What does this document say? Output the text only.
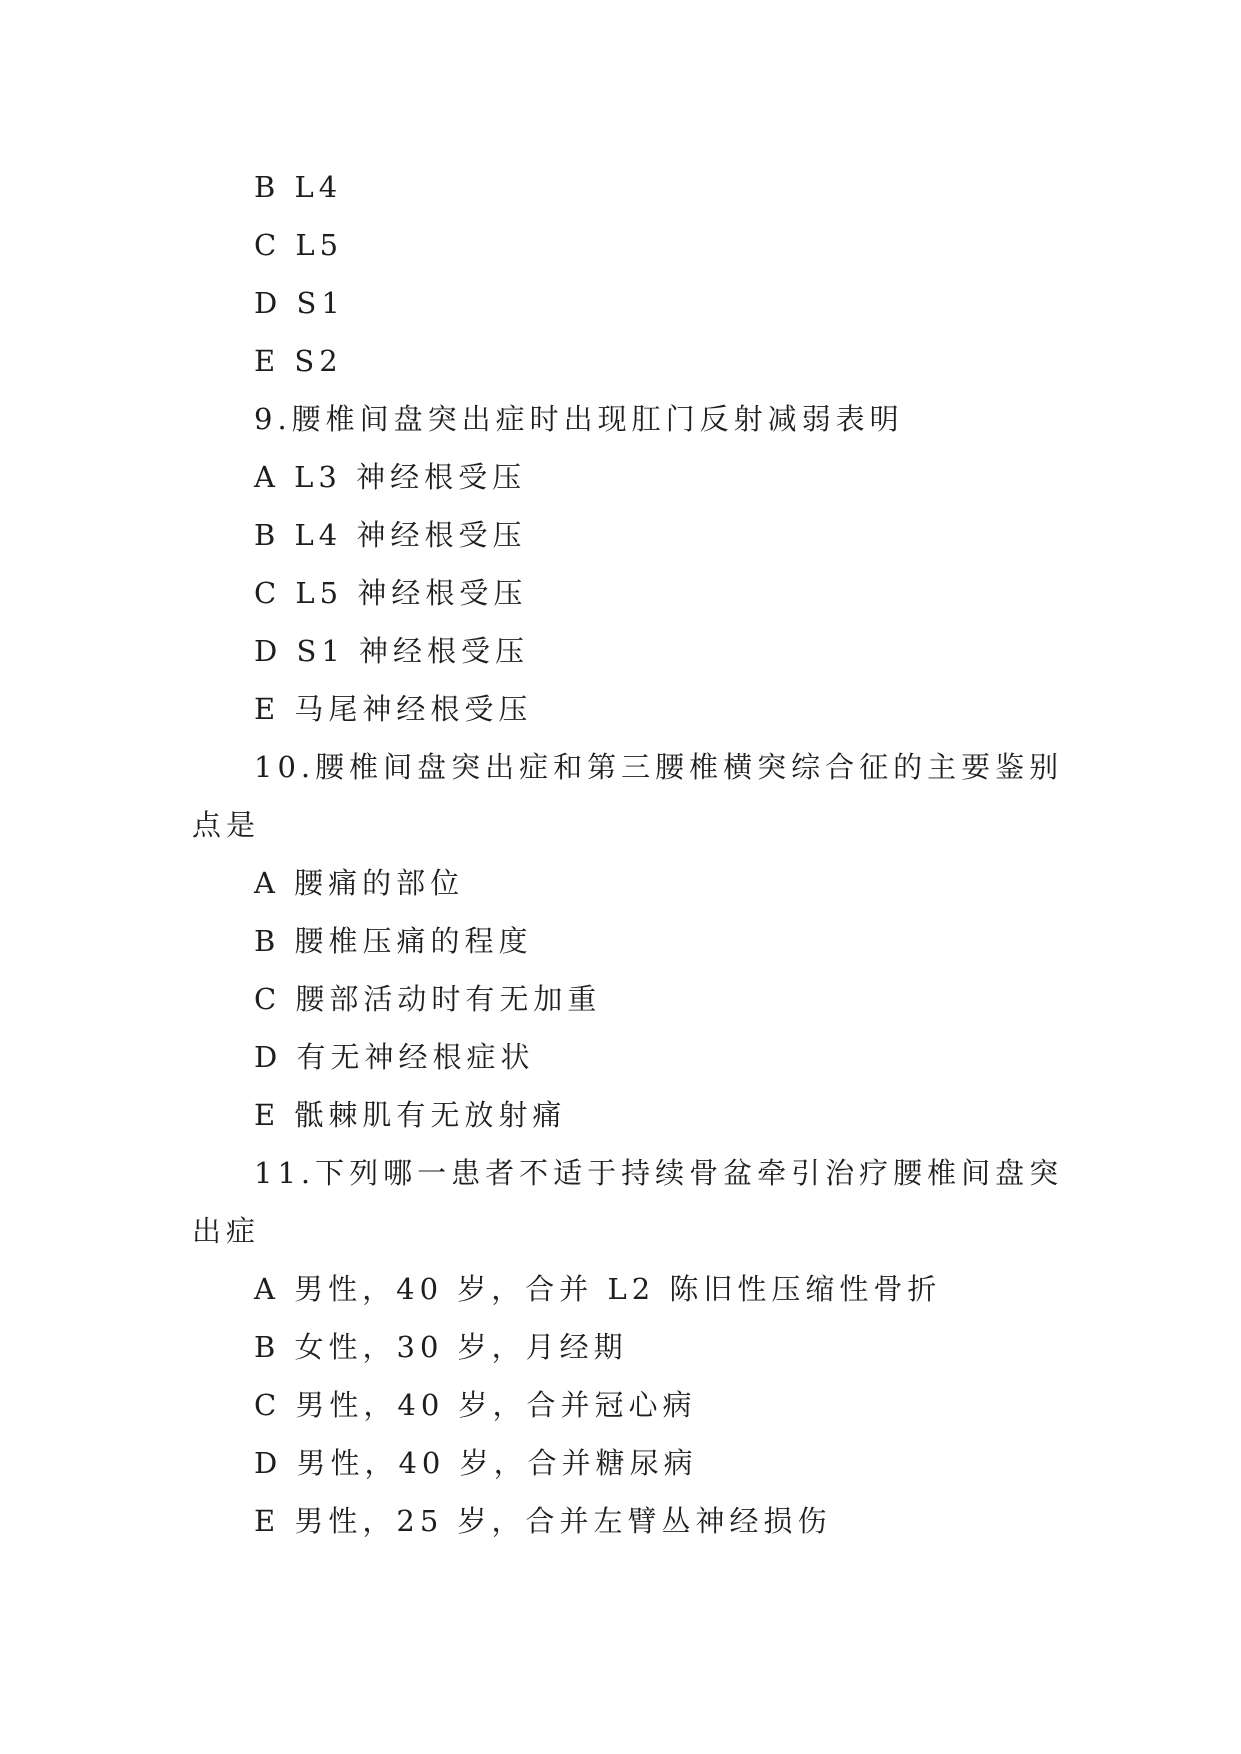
B L4
C L5
D S1
E S2
9.腰椎间盘突出症时出现肛门反射减弱表明
A L3 神经根受压
B L4 神经根受压
C L5 神经根受压
D S1 神经根受压
E 马尾神经根受压
10.腰椎间盘突出症和第三腰椎横突综合征的主要鉴别
点是
A 腰痛的部位
B 腰椎压痛的程度
C 腰部活动时有无加重
D 有无神经根症状
E 骶棘肌有无放射痛
11.下列哪一患者不适于持续骨盆牵引治疗腰椎间盘突
出症
A 男性，40 岁，合并 L2 陈旧性压缩性骨折
B 女性，30 岁，月经期
C 男性，40 岁，合并冠心病
D 男性，40 岁，合并糖尿病
E 男性，25 岁，合并左臂丛神经损伤
